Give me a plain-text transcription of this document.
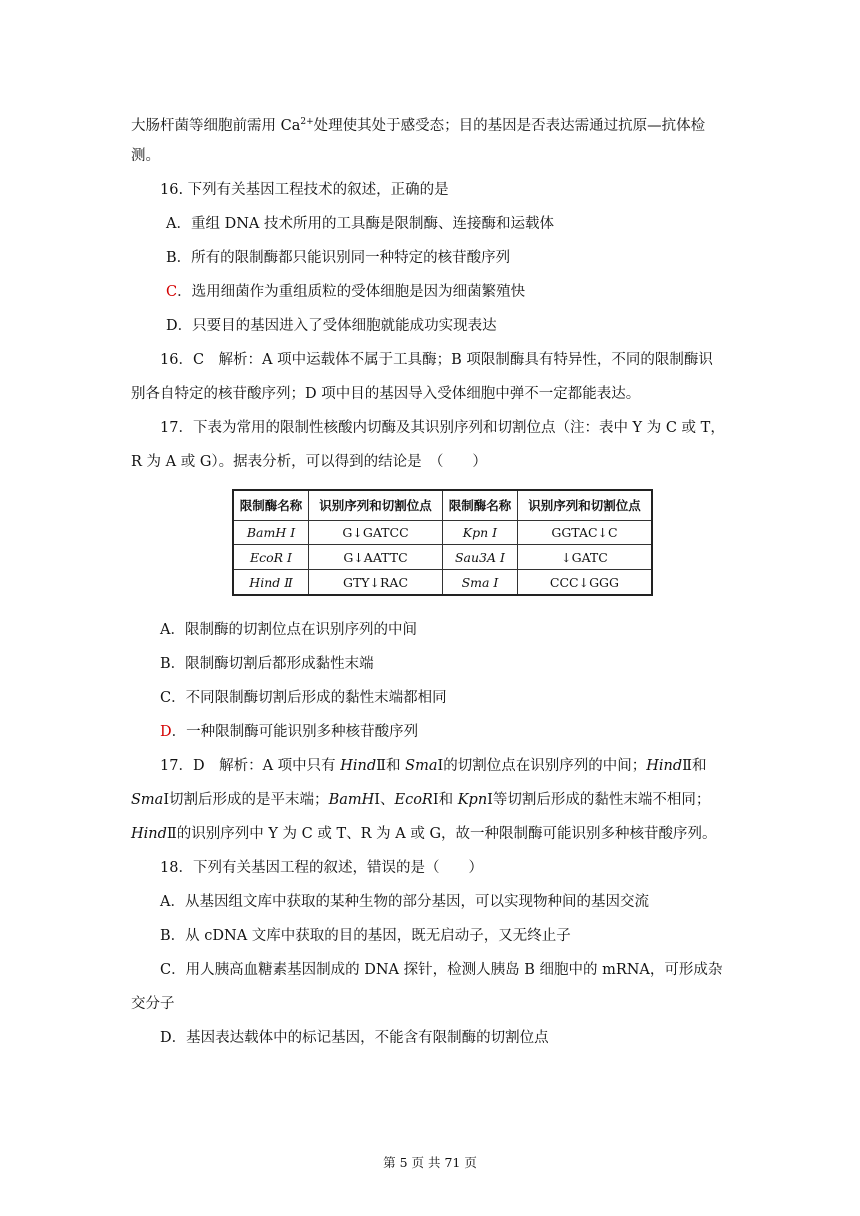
大肠杆菌等细胞前需用 $Ca^{2+}$处理使其处于感受态；目的基因是否表达需通过抗原—抗体检
测。
16. 下列有关基因工程技术的叙述，正确的是
A．重组 DNA 技术所用的工具酶是限制酶、连接酶和运载体
B．所有的限制酶都只能识别同一种特定的核苷酸序列
C．选用细菌作为重组质粒的受体细胞是因为细菌繁殖快
D．只要目的基因进入了受体细胞就能成功实现表达
16．C　解析：A 项中运载体不属于工具酶；B 项限制酶具有特异性，不同的限制酶识
别各自特定的核苷酸序列；D 项中目的基因导入受体细胞中弹不一定都能表达。
17．下表为常用的限制性核酸内切酶及其识别序列和切割位点（注：表中 Y 为 C 或 T，
R 为 A 或 G）。据表分析，可以得到的结论是　（　　）
限制酶名称	识别序列和切割位点	限制酶名称	识别序列和切割位点
BamH Ⅰ	G↓GATCC	Kpn Ⅰ	GGTAC↓C
EcoR Ⅰ	G↓AATTC	Sau3A Ⅰ	↓GATC
Hind Ⅱ	GTY↓RAC	Sma Ⅰ	CCC↓GGG
A．限制酶的切割位点在识别序列的中间
B．限制酶切割后都形成黏性末端
C．不同限制酶切割后形成的黏性末端都相同
D．一种限制酶可能识别多种核苷酸序列
17．D　解析：A 项中只有 HindⅡ和 SmaⅠ的切割位点在识别序列的中间；HindⅡ和
SmaⅠ切割后形成的是平末端；BamHⅠ、EcoRⅠ和 KpnⅠ等切割后形成的黏性末端不相同；
HindⅡ的识别序列中 Y 为 C 或 T、R 为 A 或 G，故一种限制酶可能识别多种核苷酸序列。
18．下列有关基因工程的叙述，错误的是（　　）
A．从基因组文库中获取的某种生物的部分基因，可以实现物种间的基因交流
B．从 cDNA 文库中获取的目的基因，既无启动子，又无终止子
C．用人胰高血糖素基因制成的 DNA 探针，检测人胰岛 B 细胞中的 mRNA，可形成杂
交分子
D．基因表达载体中的标记基因，不能含有限制酶的切割位点
第 5 页 共 71 页
